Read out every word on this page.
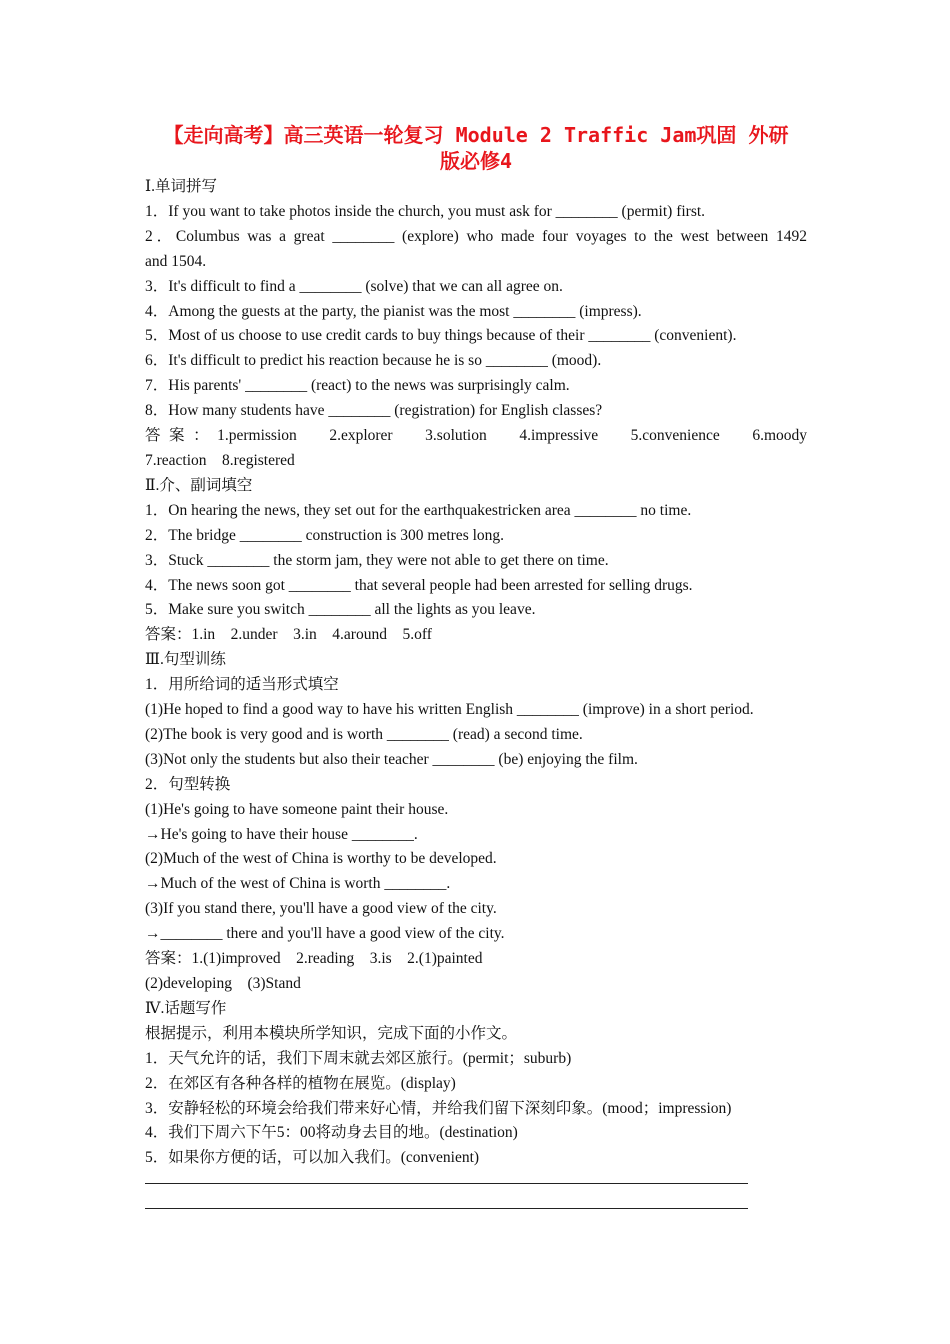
【走向高考】高三英语一轮复习 Module 2 Traffic Jam巩固 外研
版必修4
Ⅰ.单词拼写
1．If you want to take photos inside the church, you must ask for ________ (permit) first.
2．Columbus was a great ________ (explore) who made four voyages to the west between 1492
and 1504.
3．It's difficult to find a ________ (solve) that we can all agree on.
4．Among the guests at the party, the pianist was the most ________ (impress).
5．Most of us choose to use credit cards to buy things because of their ________ (convenient).
6．It's difficult to predict his reaction because he is so ________ (mood).
7．His parents' ________ (react) to the news was surprisingly calm.
8．How many students have ________ (registration) for English classes?
答案：1.permission　2.explorer　3.solution　4.impressive　5.convenience　6.moody
7.reaction　8.registered
Ⅱ.介、副词填空
1．On hearing the news, they set out for the earthquakestricken area ________ no time.
2．The bridge ________ construction is 300 metres long.
3．Stuck ________ the storm jam, they were not able to get there on time.
4．The news soon got ________ that several people had been arrested for selling drugs.
5．Make sure you switch ________ all the lights as you leave.
答案：1.in　2.under　3.in　4.around　5.off
Ⅲ.句型训练
1．用所给词的适当形式填空
(1)He hoped to find a good way to have his written English ________ (improve) in a short period.
(2)The book is very good and is worth ________ (read) a second time.
(3)Not only the students but also their teacher ________ (be) enjoying the film.
2．句型转换
(1)He's going to have someone paint their house.
→He's going to have their house ________.
(2)Much of the west of China is worthy to be developed.
→Much of the west of China is worth ________.
(3)If you stand there, you'll have a good view of the city.
→________ there and you'll have a good view of the city.
答案：1.(1)improved　2.reading　3.is　2.(1)painted
(2)developing　(3)Stand
Ⅳ.话题写作
根据提示，利用本模块所学知识，完成下面的小作文。
1．天气允许的话，我们下周末就去郊区旅行。(permit；suburb)
2．在郊区有各种各样的植物在展览。(display)
3．安静轻松的环境会给我们带来好心情，并给我们留下深刻印象。(mood；impression)
4．我们下周六下午5：00将动身去目的地。(destination)
5．如果你方便的话，可以加入我们。(convenient)
